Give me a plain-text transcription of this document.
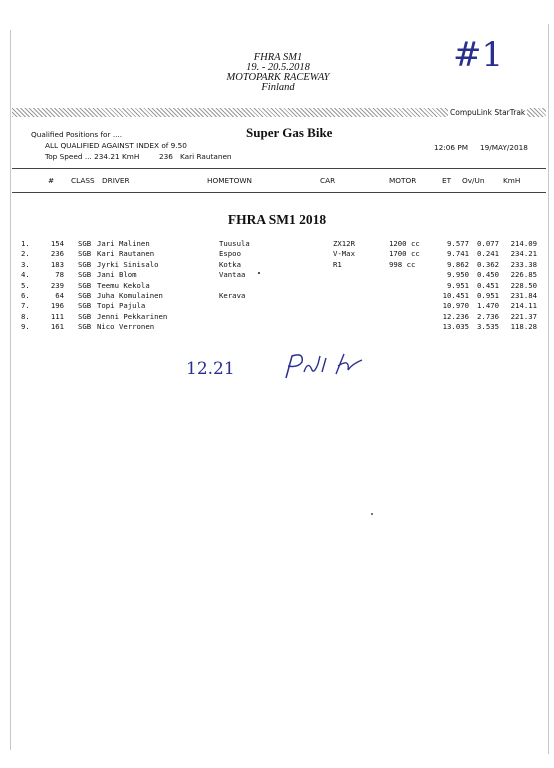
FHRA SM1
19. - 20.5.2018
MOTOPARK RACEWAY
Finland
#1
CompuLink StarTrak
Qualified Positions for ....
ALL QUALIFIED AGAINST INDEX of 9.50
Top Speed ... 234.21 KmH	236 Kari Rautanen
Super Gas Bike
12:06 PM 19/MAY/2018
# CLASS DRIVER	HOMETOWN	CAR	MOTOR	ET Ov/Un	KmH
FHRA SM1 2018
1.	154 SGB Jari Malinen	Tuusula	ZX12R	1200 cc	9.577 0.077 214.09
2.	236 SGB Kari Rautanen	Espoo	V-Max	1700 cc	9.741 0.241 234.21
3.	183 SGB Jyrki Sinisalo	Kotka	R1	998 cc	9.862 0.362 233.38
4.	78 SGB Jani Blom	Vantaa	9.950 0.450 226.85
5.	239 SGB Teemu Kekola	9.951 0.451 228.50
6.	64 SGB Juha Komulainen	Kerava	10.451 0.951 231.84
7.	196 SGB Topi Pajula	10.970 1.470 214.11
8.	111 SGB Jenni Pekkarinen	12.236 2.736 221.37
9.	161 SGB Nico Verronen	13.035 3.535 118.28
12.21
